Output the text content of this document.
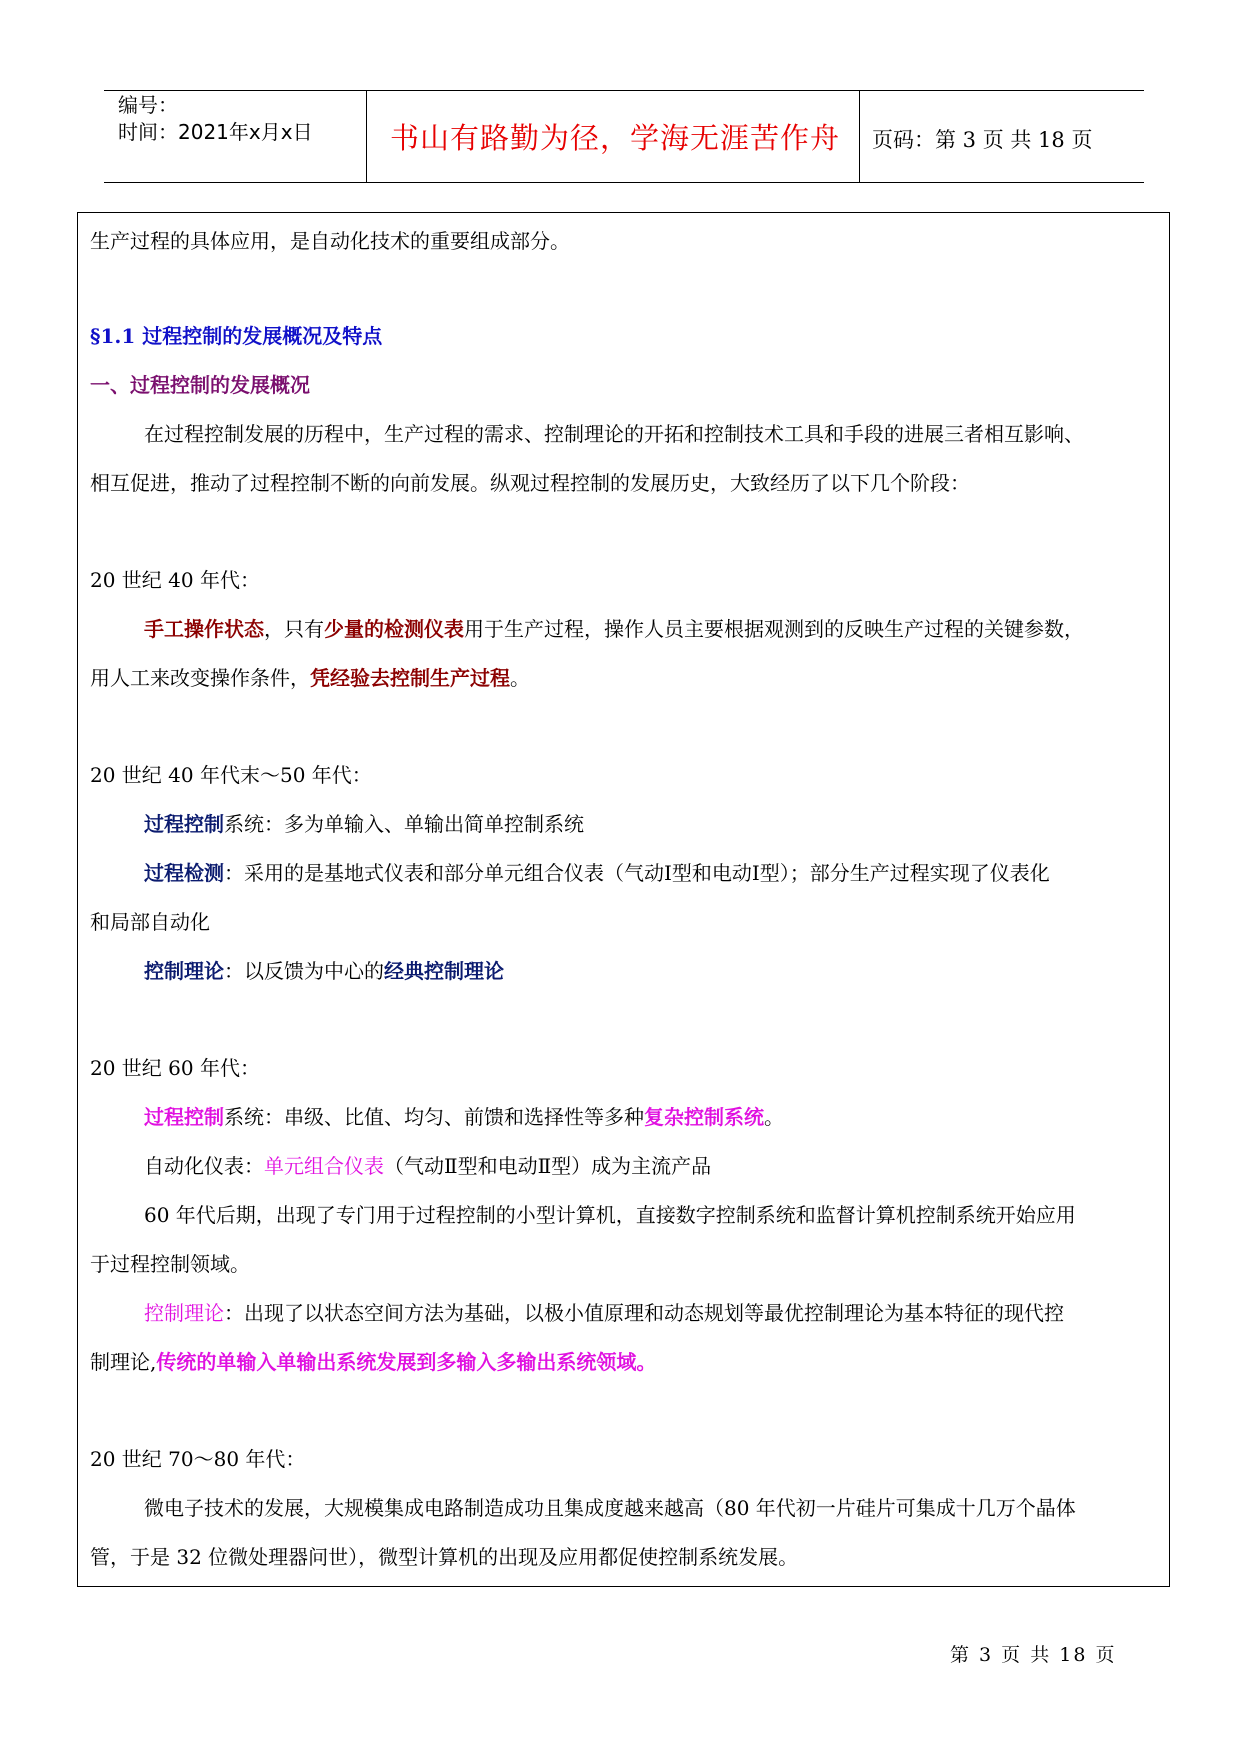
编号：
时间：2021年x月x日	书山有路勤为径，学海无涯苦作舟	页码：第 3 页 共 18 页
生产过程的具体应用，是自动化技术的重要组成部分。
§1.1 过程控制的发展概况及特点
一、过程控制的发展概况
在过程控制发展的历程中，生产过程的需求、控制理论的开拓和控制技术工具和手段的进展三者相互影响、
相互促进，推动了过程控制不断的向前发展。纵观过程控制的发展历史，大致经历了以下几个阶段：
20 世纪 40 年代：
手工操作状态，只有少量的检测仪表用于生产过程，操作人员主要根据观测到的反映生产过程的关键参数，
用人工来改变操作条件，凭经验去控制生产过程。
20 世纪 40 年代末～50 年代：
过程控制系统：多为单输入、单输出简单控制系统
过程检测：采用的是基地式仪表和部分单元组合仪表（气动Ⅰ型和电动Ⅰ型）；部分生产过程实现了仪表化
和局部自动化
控制理论：以反馈为中心的经典控制理论
20 世纪 60 年代：
过程控制系统：串级、比值、均匀、前馈和选择性等多种复杂控制系统。
自动化仪表：单元组合仪表（气动Ⅱ型和电动Ⅱ型）成为主流产品
60 年代后期，出现了专门用于过程控制的小型计算机，直接数字控制系统和监督计算机控制系统开始应用
于过程控制领域。
控制理论：出现了以状态空间方法为基础，以极小值原理和动态规划等最优控制理论为基本特征的现代控
制理论,传统的单输入单输出系统发展到多输入多输出系统领域。
20 世纪 70～80 年代：
微电子技术的发展，大规模集成电路制造成功且集成度越来越高（80 年代初一片硅片可集成十几万个晶体
管，于是 32 位微处理器问世），微型计算机的出现及应用都促使控制系统发展。
第 3 页 共 18 页
